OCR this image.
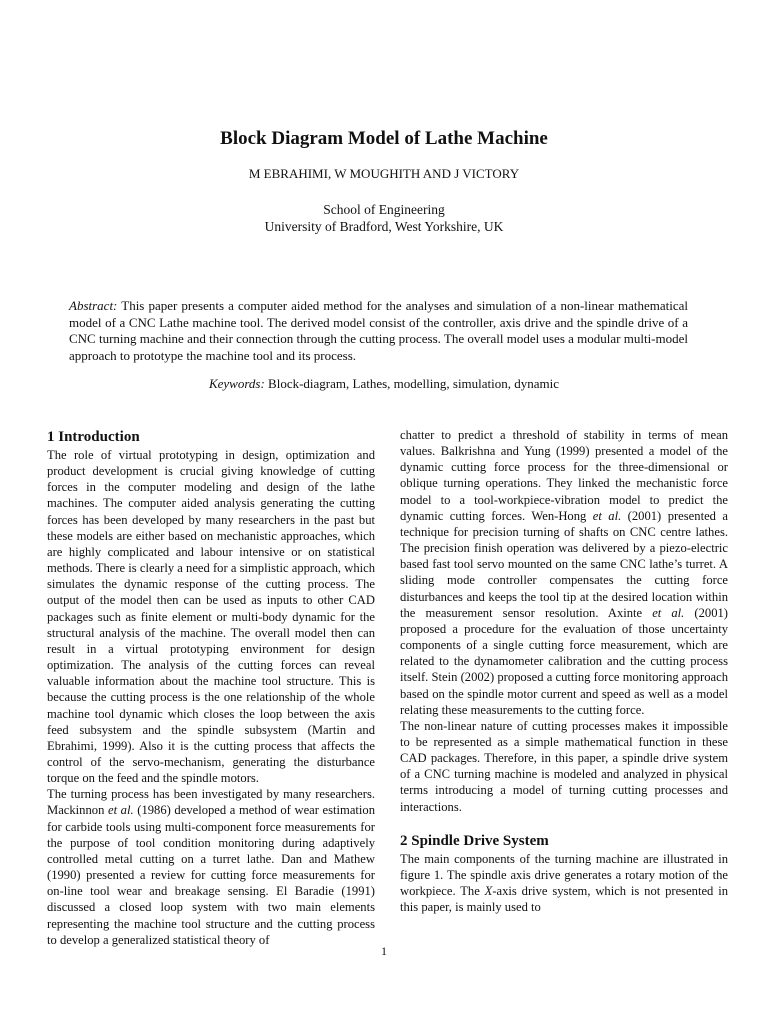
Block Diagram Model of Lathe Machine
M EBRAHIMI, W MOUGHITH AND J VICTORY
School of Engineering
University of Bradford, West Yorkshire, UK
Abstract: This paper presents a computer aided method for the analyses and simulation of a non-linear mathematical model of a CNC Lathe machine tool. The derived model consist of the controller, axis drive and the spindle drive of a CNC turning machine and their connection through the cutting process. The overall model uses a modular multi-model approach to prototype the machine tool and its process.
Keywords: Block-diagram, Lathes, modelling, simulation, dynamic
1 Introduction

The role of virtual prototyping in design, optimization and product development is crucial giving knowledge of cutting forces in the computer modeling and design of the lathe machines. The computer aided analysis generating the cutting forces has been developed by many researchers in the past but these models are either based on mechanistic approaches, which are highly complicated and labour intensive or on statistical methods. There is clearly a need for a simplistic approach, which simulates the dynamic response of the cutting process. The output of the model then can be used as inputs to other CAD packages such as finite element or multi-body dynamic for the structural analysis of the machine. The overall model then can result in a virtual prototyping environment for design optimization. The analysis of the cutting forces can reveal valuable information about the machine tool structure. This is because the cutting process is the one relationship of the whole machine tool dynamic which closes the loop between the axis feed subsystem and the spindle subsystem (Martin and Ebrahimi, 1999). Also it is the cutting process that affects the control of the servo-mechanism, generating the disturbance torque on the feed and the spindle motors.

The turning process has been investigated by many researchers. Mackinnon et al. (1986) developed a method of wear estimation for carbide tools using multi-component force measurements for the purpose of tool condition monitoring during adaptively controlled metal cutting on a turret lathe. Dan and Mathew (1990) presented a review for cutting force measurements for on-line tool wear and breakage sensing. El Baradie (1991) discussed a closed loop system with two main elements representing the machine tool structure and the cutting process to develop a generalized statistical theory of

chatter to predict a threshold of stability in terms of mean values. Balkrishna and Yung (1999) presented a model of the dynamic cutting force process for the three-dimensional or oblique turning operations. They linked the mechanistic force model to a tool-workpiece-vibration model to predict the dynamic cutting forces. Wen-Hong et al. (2001) presented a technique for precision turning of shafts on CNC centre lathes. The precision finish operation was delivered by a piezo-electric based fast tool servo mounted on the same CNC lathe’s turret. A sliding mode controller compensates the cutting force disturbances and keeps the tool tip at the desired location within the measurement sensor resolution. Axinte et al. (2001) proposed a procedure for the evaluation of those uncertainty components of a single cutting force measurement, which are related to the dynamometer calibration and the cutting process itself. Stein (2002) proposed a cutting force monitoring approach based on the spindle motor current and speed as well as a model relating these measurements to the cutting force.

The non-linear nature of cutting processes makes it impossible to be represented as a simple mathematical function in these CAD packages. Therefore, in this paper, a spindle drive system of a CNC turning machine is modeled and analyzed in physical terms introducing a model of turning cutting processes and interactions.

2 Spindle Drive System

The main components of the turning machine are illustrated in figure 1. The spindle axis drive generates a rotary motion of the workpiece. The X-axis drive system, which is not presented in this paper, is mainly used to

1
